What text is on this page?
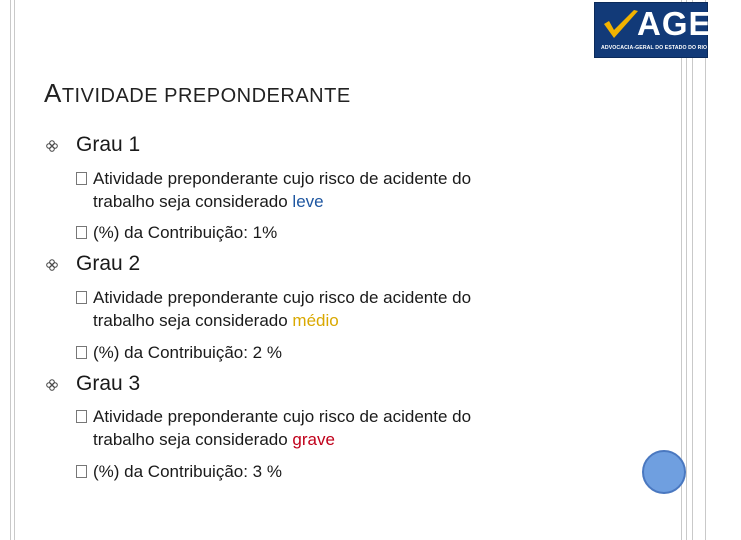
AGE
ADVOCACIA-GERAL DO ESTADO DO RIO DE JANEIRO
ATIVIDADE PREPONDERANTE
Grau 1
Atividade preponderante cujo risco de acidente do
trabalho seja considerado leve
(%) da Contribuição: 1%
Grau 2
Atividade preponderante cujo risco de acidente do
trabalho seja considerado médio
(%) da Contribuição: 2 %
Grau 3
Atividade preponderante cujo risco de acidente do
trabalho seja considerado grave
(%) da Contribuição: 3 %
